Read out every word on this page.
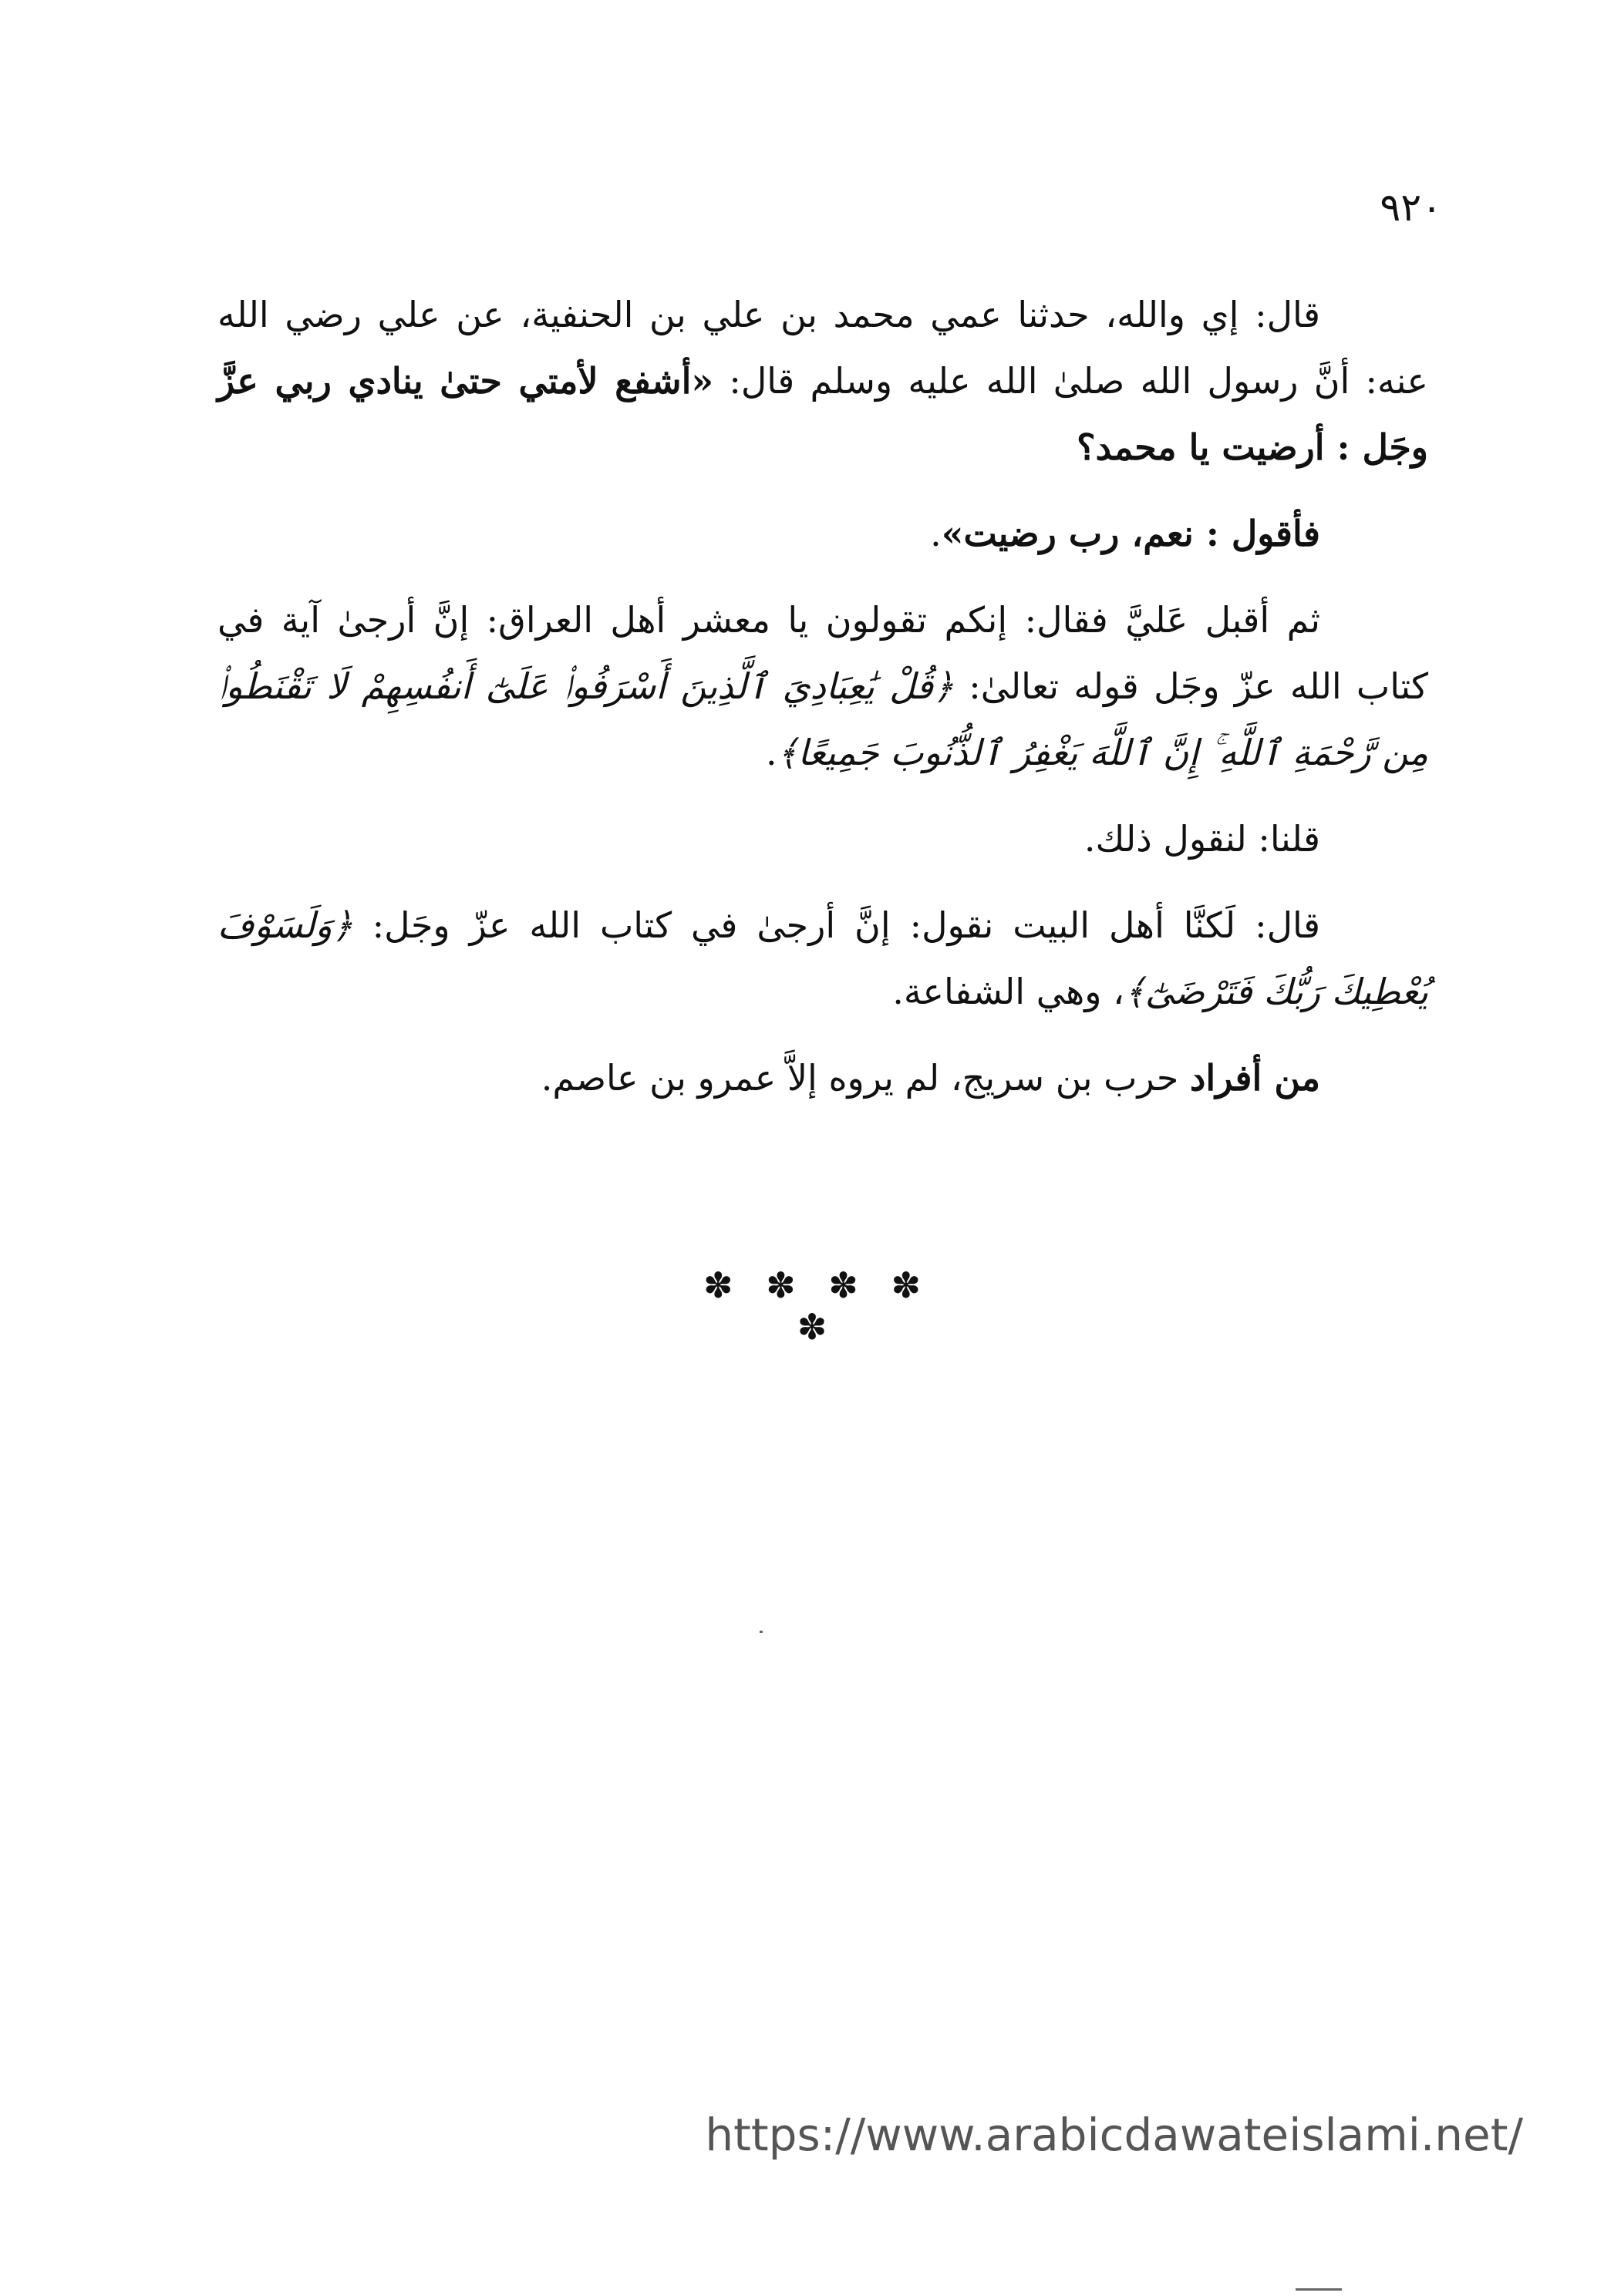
٩٢٠

قال: إي والله، حدثنا عمي محمد بن علي بن الحنفية، عن علي رضي الله عنه: أنَّ رسول الله صلىٰ الله عليه وسلم قال: «أشفع لأمتي حتىٰ ينادي ربي عزَّ وجَل : أرضيت يا محمد؟

فأقول : نعم، رب رضيت».

ثم أقبل عَليَّ فقال: إنكم تقولون يا معشر أهل العراق: إنَّ أرجىٰ آية في كتاب الله عزّ وجَل قوله تعالىٰ: ﴿قُلْ يَٰعِبَادِيَ ٱلَّذِينَ أَسْرَفُوا۟ عَلَىٰٓ أَنفُسِهِمْ لَا تَقْنَطُوا۟ مِن رَّحْمَةِ ٱللَّهِ ۚ إِنَّ ٱللَّهَ يَغْفِرُ ٱلذُّنُوبَ جَمِيعًا﴾.

قلنا: لنقول ذلك.

قال: لَكنَّا أهل البيت نقول: إنَّ أرجىٰ في كتاب الله عزّ وجَل: ﴿وَلَسَوْفَ يُعْطِيكَ رَبُّكَ فَتَرْضَىٰٓ﴾، وهي الشفاعة.

من أفراد حرب بن سريج، لم يروه إلاَّ عمرو بن عاصم.

✽ ✽ ✽ ✽ ✽
https://www.arabicdawateislami.net/
